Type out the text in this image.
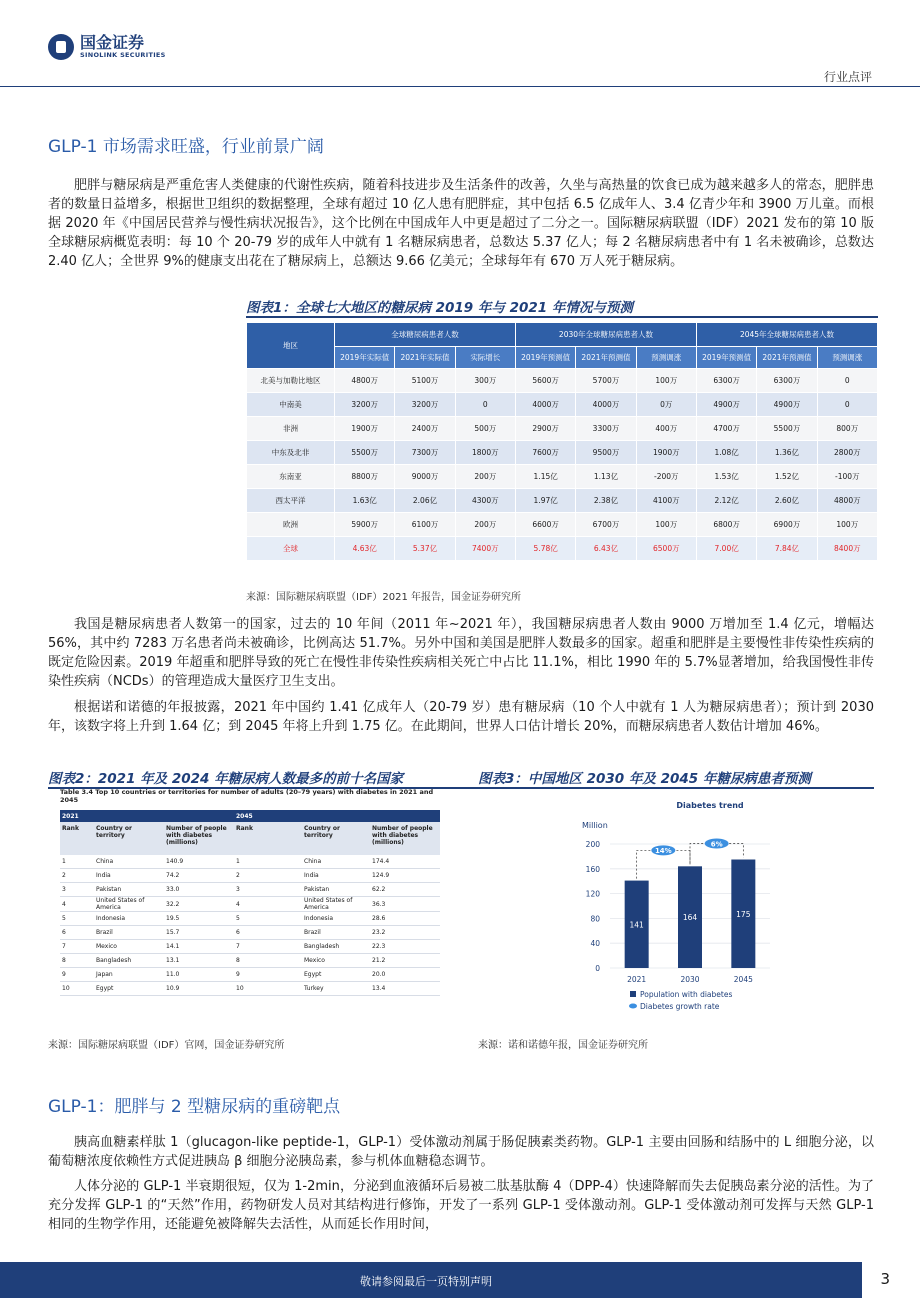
国金证券
SINOLINK SECURITIES
行业点评
GLP-1 市场需求旺盛，行业前景广阔

肥胖与糖尿病是严重危害人类健康的代谢性疾病，随着科技进步及生活条件的改善，久坐与高热量的饮食已成为越来越多人的常态，肥胖患者的数量日益增多，根据世卫组织的数据整理，全球有超过 10 亿人患有肥胖症，其中包括 6.5 亿成年人、3.4 亿青少年和 3900 万儿童。而根据 2020 年《中国居民营养与慢性病状况报告》，这个比例在中国成年人中更是超过了二分之一。国际糖尿病联盟（IDF）2021 发布的第 10 版全球糖尿病概览表明：每 10 个 20-79 岁的成年人中就有 1 名糖尿病患者，总数达 5.37 亿人；每 2 名糖尿病患者中有 1 名未被确诊，总数达 2.40 亿人；全世界 9%的健康支出花在了糖尿病上，总额达 9.66 亿美元；全球每年有 670 万人死于糖尿病。

图表1：全球七大地区的糖尿病 2019 年与 2021 年情况与预测
地区	全球糖尿病患者人数			2030年全球糖尿病患者人数			2045年全球糖尿病患者人数		
	2019年实际值	2021年实际值	实际增长	2019年预测值	2021年预测值	预测调涨	2019年预测值	2021年预测值	预测调涨
北美与加勒比地区	4800万	5100万	300万	5600万	5700万	100万	6300万	6300万	0
中南美	3200万	3200万	0	4000万	4000万	0万	4900万	4900万	0
非洲	1900万	2400万	500万	2900万	3300万	400万	4700万	5500万	800万
中东及北非	5500万	7300万	1800万	7600万	9500万	1900万	1.08亿	1.36亿	2800万
东南亚	8800万	9000万	200万	1.15亿	1.13亿	-200万	1.53亿	1.52亿	-100万
西太平洋	1.63亿	2.06亿	4300万	1.97亿	2.38亿	4100万	2.12亿	2.60亿	4800万
欧洲	5900万	6100万	200万	6600万	6700万	100万	6800万	6900万	100万
全球	4.63亿	5.37亿	7400万	5.78亿	6.43亿	6500万	7.00亿	7.84亿	8400万
来源：国际糖尿病联盟（IDF）2021 年报告，国金证券研究所

我国是糖尿病患者人数第一的国家，过去的 10 年间（2011 年~2021 年），我国糖尿病患者人数由 9000 万增加至 1.4 亿元，增幅达 56%，其中约 7283 万名患者尚未被确诊，比例高达 51.7%。另外中国和美国是肥胖人数最多的国家。超重和肥胖是主要慢性非传染性疾病的既定危险因素。2019 年超重和肥胖导致的死亡在慢性非传染性疾病相关死亡中占比 11.1%，相比 1990 年的 5.7%显著增加，给我国慢性非传染性疾病（NCDs）的管理造成大量医疗卫生支出。

根据诺和诺德的年报披露，2021 年中国约 1.41 亿成年人（20-79 岁）患有糖尿病（10 个人中就有 1 人为糖尿病患者）；预计到 2030 年，该数字将上升到 1.64 亿；到 2045 年将上升到 1.75 亿。在此期间，世界人口估计增长 20%，而糖尿病患者人数估计增加 46%。

图表2：2021 年及 2024 年糖尿病人数最多的前十名国家	图表3：中国地区 2030 年及 2045 年糖尿病患者预测
Table 3.4 Top 10 countries or territories for number of adults (20–79 years) with diabetes in 2021 and 2045
2021			2045		
Rank	Country or territory	Number of people with diabetes (millions)	Rank	Country or territory	Number of people with diabetes (millions)
1	China	140.9	1	China	174.4
2	India	74.2	2	India	124.9
3	Pakistan	33.0	3	Pakistan	62.2
4	United States of America	32.2	4	United States of America	36.3
5	Indonesia	19.5	5	Indonesia	28.6
6	Brazil	15.7	6	Brazil	23.2
7	Mexico	14.1	7	Bangladesh	22.3
8	Bangladesh	13.1	8	Mexico	21.2
9	Japan	11.0	9	Egypt	20.0
10	Egypt	10.9	10	Turkey	13.4
Diabetes trend
Million
0
40
80
120
160
200
141
2021
164
2030
175
2045
14%
6%
Population with diabetes
Diabetes growth rate
来源：国际糖尿病联盟（IDF）官网，国金证券研究所	来源：诺和诺德年报，国金证券研究所
GLP-1：肥胖与 2 型糖尿病的重磅靶点

胰高血糖素样肽 1（glucagon-like peptide-1，GLP-1）受体激动剂属于肠促胰素类药物。GLP-1 主要由回肠和结肠中的 L 细胞分泌，以葡萄糖浓度依赖性方式促进胰岛 β 细胞分泌胰岛素，参与机体血糖稳态调节。

人体分泌的 GLP-1 半衰期很短，仅为 1-2min，分泌到血液循环后易被二肽基肽酶 4（DPP-4）快速降解而失去促胰岛素分泌的活性。为了充分发挥 GLP-1 的“天然”作用，药物研发人员对其结构进行修饰，开发了一系列 GLP-1 受体激动剂。GLP-1 受体激动剂可发挥与天然 GLP-1 相同的生物学作用，还能避免被降解失去活性，从而延长作用时间，

敬请参阅最后一页特别声明	3
